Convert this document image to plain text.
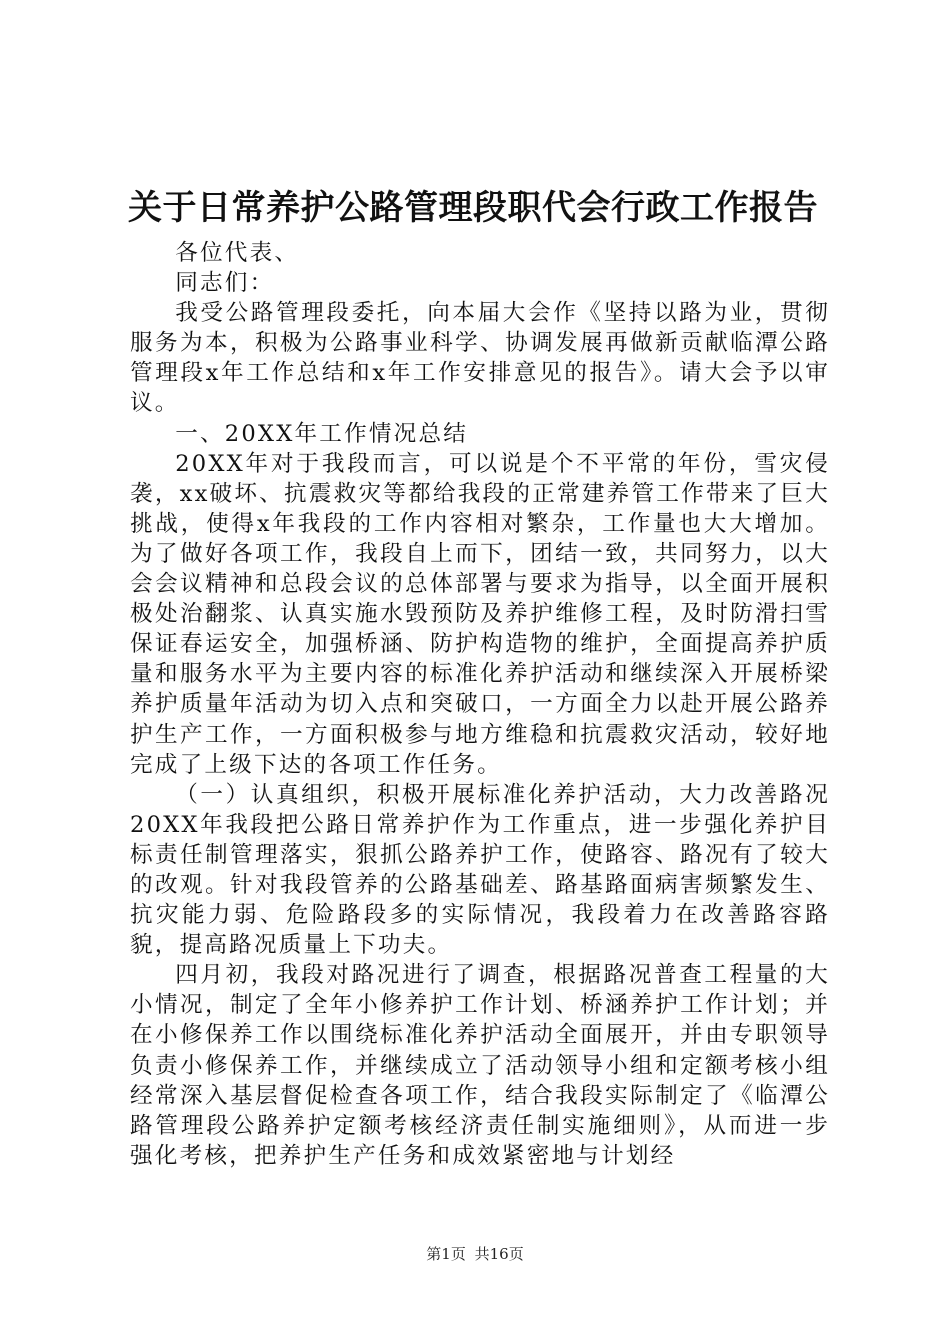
关于日常养护公路管理段职代会行政工作报告

各位代表、

同志们：

我受公路管理段委托，向本届大会作《坚持以路为业，贯彻服务为本，积极为公路事业科学、协调发展再做新贡献临潭公路管理段x年工作总结和x年工作安排意见的报告》。请大会予以审议。

一、20XX年工作情况总结

20XX年对于我段而言，可以说是个不平常的年份，雪灾侵袭，xx破坏、抗震救灾等都给我段的正常建养管工作带来了巨大挑战，使得x年我段的工作内容相对繁杂，工作量也大大增加。为了做好各项工作，我段自上而下，团结一致，共同努力，以大会会议精神和总段会议的总体部署与要求为指导，以全面开展积极处治翻浆、认真实施水毁预防及养护维修工程，及时防滑扫雪保证春运安全，加强桥涵、防护构造物的维护，全面提高养护质量和服务水平为主要内容的标准化养护活动和继续深入开展桥梁养护质量年活动为切入点和突破口，一方面全力以赴开展公路养护生产工作，一方面积极参与地方维稳和抗震救灾活动，较好地完成了上级下达的各项工作任务。

（一）认真组织，积极开展标准化养护活动，大力改善路况20XX年我段把公路日常养护作为工作重点，进一步强化养护目标责任制管理落实，狠抓公路养护工作，使路容、路况有了较大的改观。针对我段管养的公路基础差、路基路面病害频繁发生、抗灾能力弱、危险路段多的实际情况，我段着力在改善路容路貌，提高路况质量上下功夫。

四月初，我段对路况进行了调查，根据路况普查工程量的大小情况，制定了全年小修养护工作计划、桥涵养护工作计划；并在小修保养工作以围绕标准化养护活动全面展开，并由专职领导负责小修保养工作，并继续成立了活动领导小组和定额考核小组经常深入基层督促检查各项工作，结合我段实际制定了《临潭公路管理段公路养护定额考核经济责任制实施细则》，从而进一步强化考核，把养护生产任务和成效紧密地与计划经

第1页 共16页
